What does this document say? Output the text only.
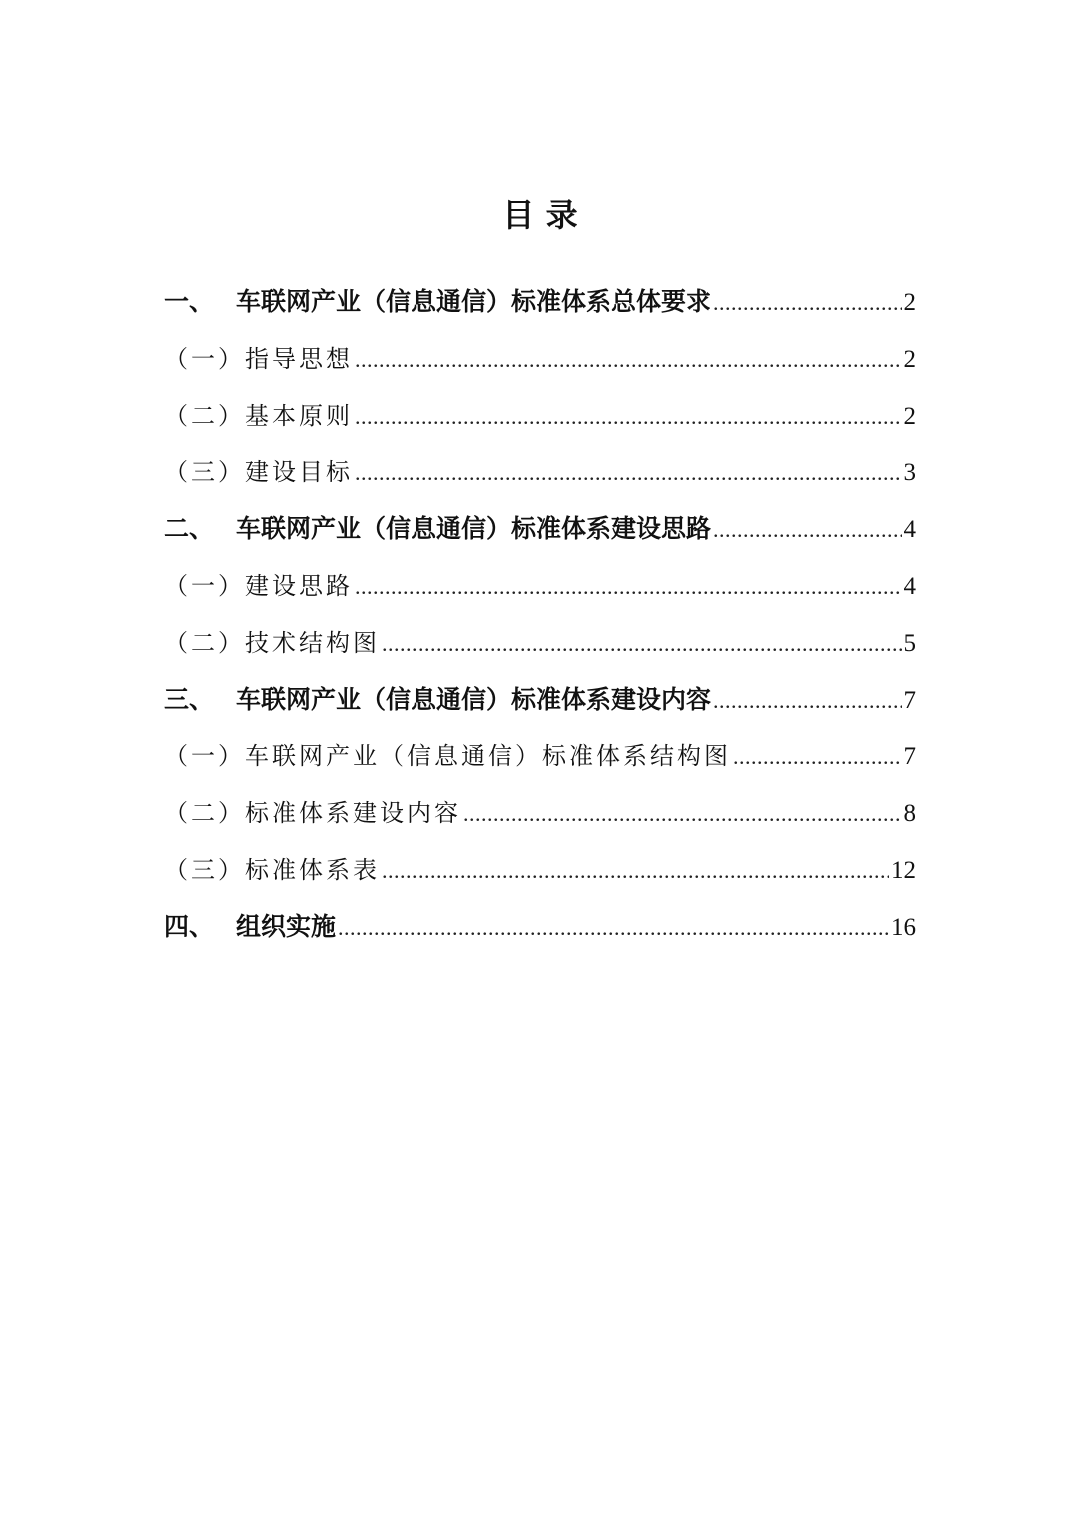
目 录
一、 车联网产业（信息通信）标准体系总体要求 .....	2
（一）指导思想 .....	2
（二）基本原则 .....	2
（三）建设目标 .....	3
二、 车联网产业（信息通信）标准体系建设思路 .....	4
（一）建设思路 .....	4
（二）技术结构图 .....	5
三、 车联网产业（信息通信）标准体系建设内容 .....	7
（一）车联网产业（信息通信）标准体系结构图 .....	7
（二）标准体系建设内容 .....	8
（三）标准体系表 .....	12
四、 组织实施 .....	16
